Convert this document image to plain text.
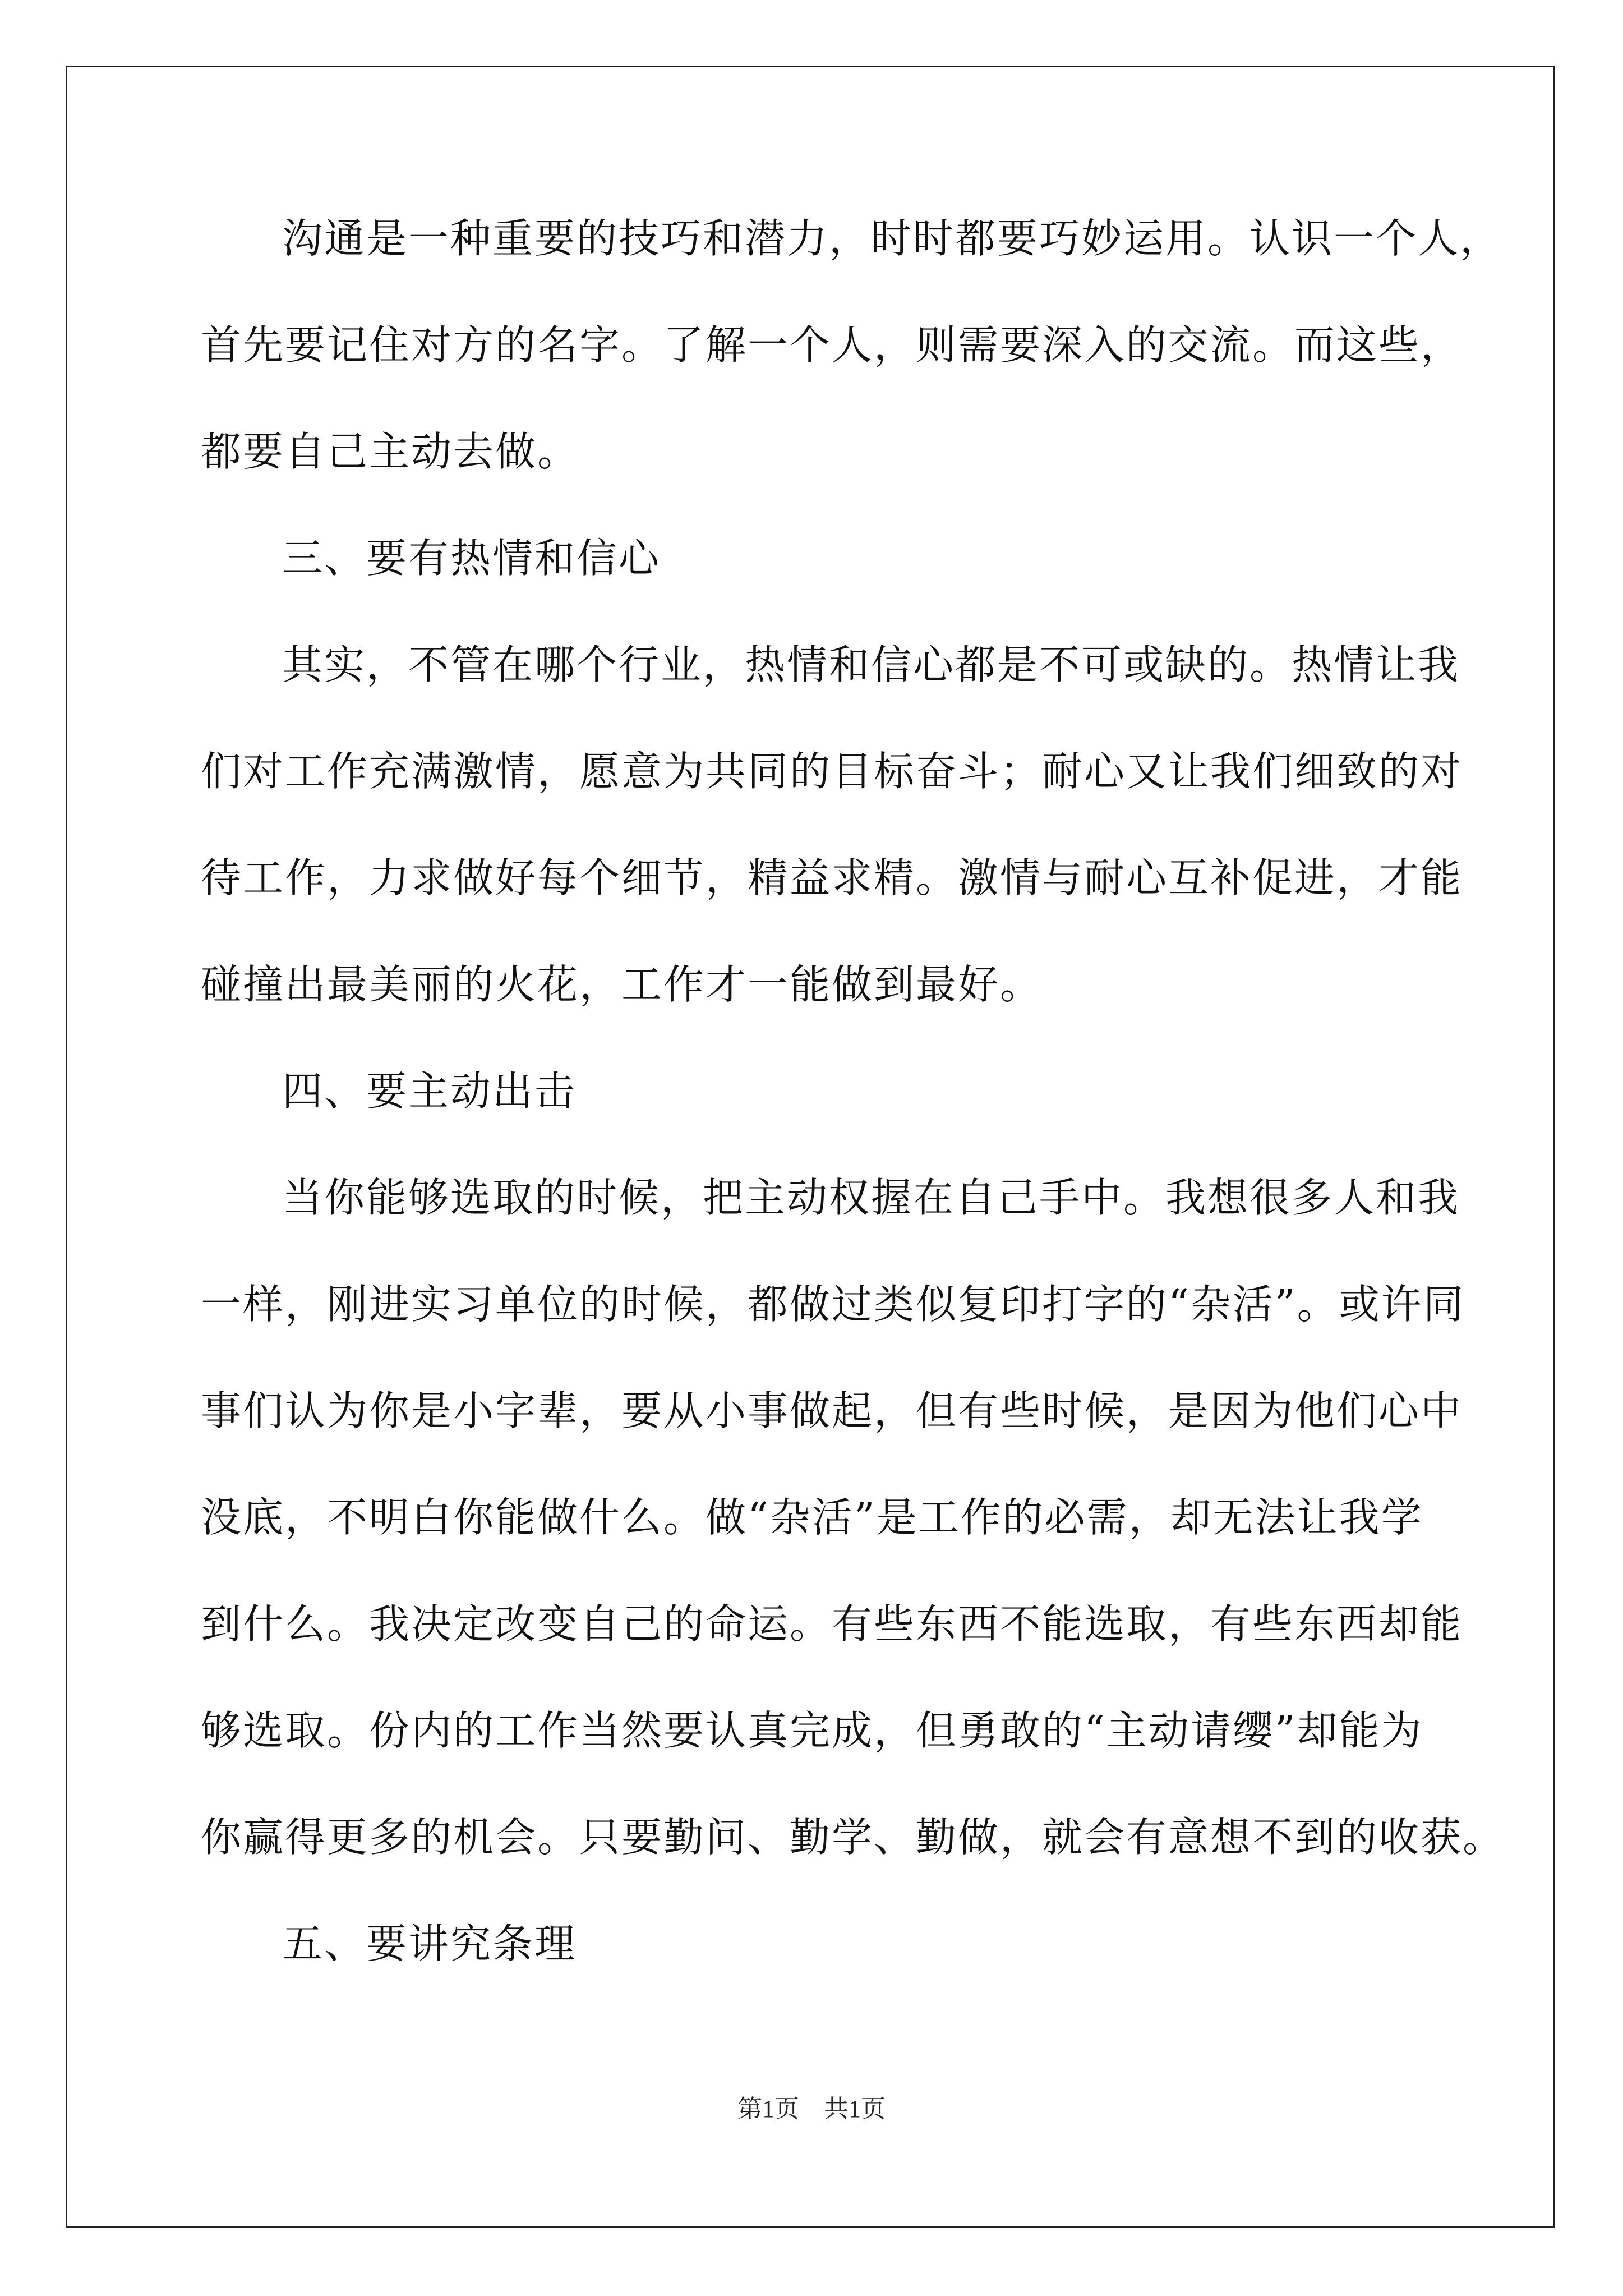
沟通是一种重要的技巧和潜力，时时都要巧妙运用。认识一个人，
首先要记住对方的名字。了解一个人，则需要深入的交流。而这些，
都要自己主动去做。
三、要有热情和信心
其实，不管在哪个行业，热情和信心都是不可或缺的。热情让我
们对工作充满激情，愿意为共同的目标奋斗；耐心又让我们细致的对
待工作，力求做好每个细节，精益求精。激情与耐心互补促进，才能
碰撞出最美丽的火花，工作才一能做到最好。
四、要主动出击
当你能够选取的时候，把主动权握在自己手中。我想很多人和我
一样，刚进实习单位的时候，都做过类似复印打字的“杂活”。或许同
事们认为你是小字辈，要从小事做起，但有些时候，是因为他们心中
没底，不明白你能做什么。做“杂活”是工作的必需，却无法让我学
到什么。我决定改变自己的命运。有些东西不能选取，有些东西却能
够选取。份内的工作当然要认真完成，但勇敢的“主动请缨”却能为
你赢得更多的机会。只要勤问、勤学、勤做，就会有意想不到的收获。
五、要讲究条理
第1页　共1页
